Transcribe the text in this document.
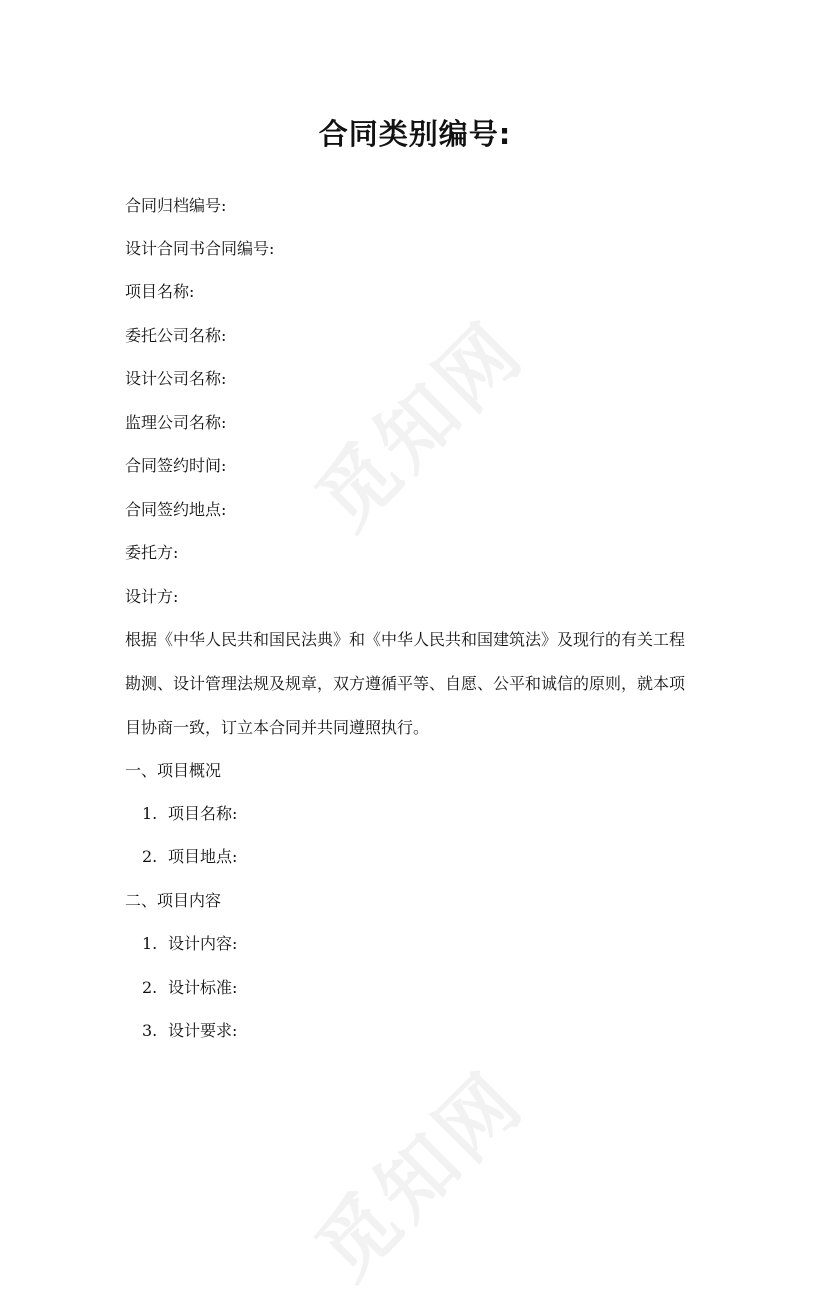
觅知网
觅知网
合同类别编号:

合同归档编号:

设计合同书合同编号:

项目名称:

委托公司名称:

设计公司名称:

监理公司名称:

合同签约时间:

合同签约地点:

委托方:

设计方:

根据《中华人民共和国民法典》和《中华人民共和国建筑法》及现行的有关工程
勘测、设计管理法规及规章，双方遵循平等、自愿、公平和诚信的原则，就本项
目协商一致，订立本合同并共同遵照执行。

一、项目概况

1. 项目名称:

2. 项目地点:

二、项目内容

1. 设计内容:

2. 设计标准:

3. 设计要求:
